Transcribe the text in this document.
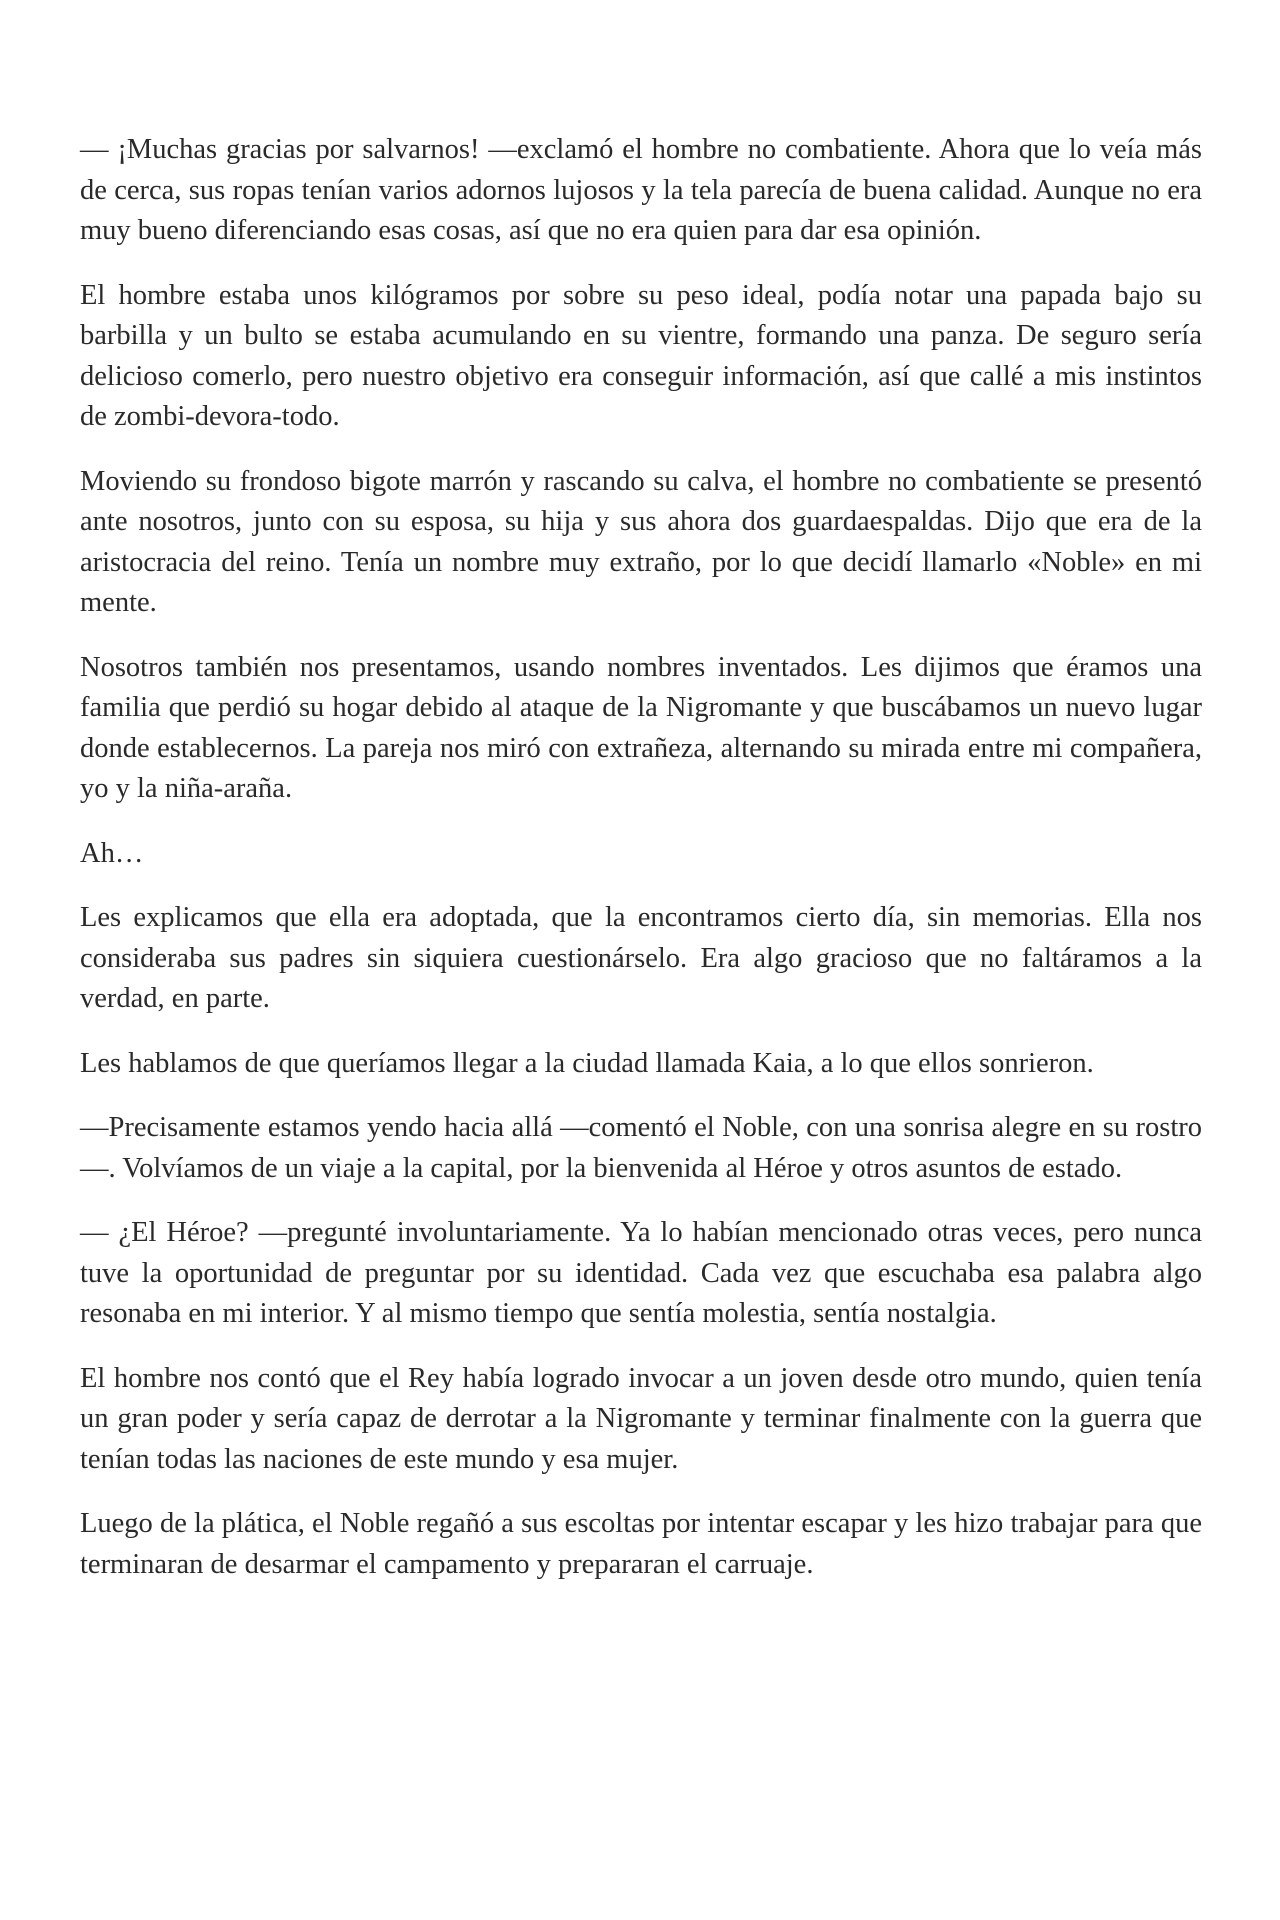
— ¡Muchas gracias por salvarnos! —exclamó el hombre no combatiente. Ahora que lo veía más de cerca, sus ropas tenían varios adornos lujosos y la tela parecía de buena calidad. Aunque no era muy bueno diferenciando esas cosas, así que no era quien para dar esa opinión.

El hombre estaba unos kilógramos por sobre su peso ideal, podía notar una papada bajo su barbilla y un bulto se estaba acumulando en su vientre, formando una panza. De seguro sería delicioso comerlo, pero nuestro objetivo era conseguir información, así que callé a mis instintos de zombi-devora-todo.

Moviendo su frondoso bigote marrón y rascando su calva, el hombre no combatiente se presentó ante nosotros, junto con su esposa, su hija y sus ahora dos guardaespaldas. Dijo que era de la aristocracia del reino. Tenía un nombre muy extraño, por lo que decidí llamarlo «Noble» en mi mente.

Nosotros también nos presentamos, usando nombres inventados. Les dijimos que éramos una familia que perdió su hogar debido al ataque de la Nigromante y que buscábamos un nuevo lugar donde establecernos. La pareja nos miró con extrañeza, alternando su mirada entre mi compañera, yo y la niña-araña.

Ah…

Les explicamos que ella era adoptada, que la encontramos cierto día, sin memorias. Ella nos consideraba sus padres sin siquiera cuestionárselo. Era algo gracioso que no faltáramos a la verdad, en parte.

Les hablamos de que queríamos llegar a la ciudad llamada Kaia, a lo que ellos sonrieron.

—Precisamente estamos yendo hacia allá —comentó el Noble, con una sonrisa alegre en su rostro—. Volvíamos de un viaje a la capital, por la bienvenida al Héroe y otros asuntos de estado.

— ¿El Héroe? —pregunté involuntariamente. Ya lo habían mencionado otras veces, pero nunca tuve la oportunidad de preguntar por su identidad. Cada vez que escuchaba esa palabra algo resonaba en mi interior. Y al mismo tiempo que sentía molestia, sentía nostalgia.

El hombre nos contó que el Rey había logrado invocar a un joven desde otro mundo, quien tenía un gran poder y sería capaz de derrotar a la Nigromante y terminar finalmente con la guerra que tenían todas las naciones de este mundo y esa mujer.

Luego de la plática, el Noble regañó a sus escoltas por intentar escapar y les hizo trabajar para que terminaran de desarmar el campamento y prepararan el carruaje.
